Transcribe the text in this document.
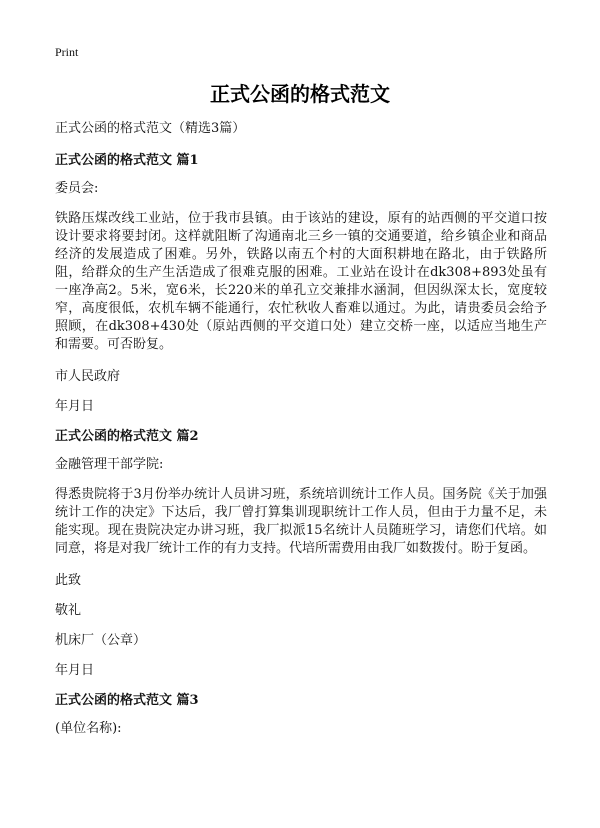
Print
正式公函的格式范文

正式公函的格式范文（精选3篇）

正式公函的格式范文 篇1

委员会:

铁路压煤改线工业站，位于我市县镇。由于该站的建设，原有的站西侧的平交道口按设计要求将要封闭。这样就阻断了沟通南北三乡一镇的交通要道，给乡镇企业和商品经济的发展造成了困难。另外，铁路以南五个村的大面积耕地在路北，由于铁路所阻，给群众的生产生活造成了很难克服的困难。工业站在设计在dk308+893处虽有一座净高2。5米，宽6米，长220米的单孔立交兼排水涵洞，但因纵深太长，宽度较窄，高度很低，农机车辆不能通行，农忙秋收人畜难以通过。为此，请贵委员会给予照顾，在dk308+430处（原站西侧的平交道口处）建立交桥一座，以适应当地生产和需要。可否盼复。

市人民政府

年月日

正式公函的格式范文 篇2

金融管理干部学院:

得悉贵院将于3月份举办统计人员讲习班，系统培训统计工作人员。国务院《关于加强统计工作的决定》下达后，我厂曾打算集训现职统计工作人员，但由于力量不足，未能实现。现在贵院决定办讲习班，我厂拟派15名统计人员随班学习，请您们代培。如同意，将是对我厂统计工作的有力支持。代培所需费用由我厂如数拨付。盼于复函。

此致

敬礼

机床厂（公章）

年月日

正式公函的格式范文 篇3

(单位名称):
